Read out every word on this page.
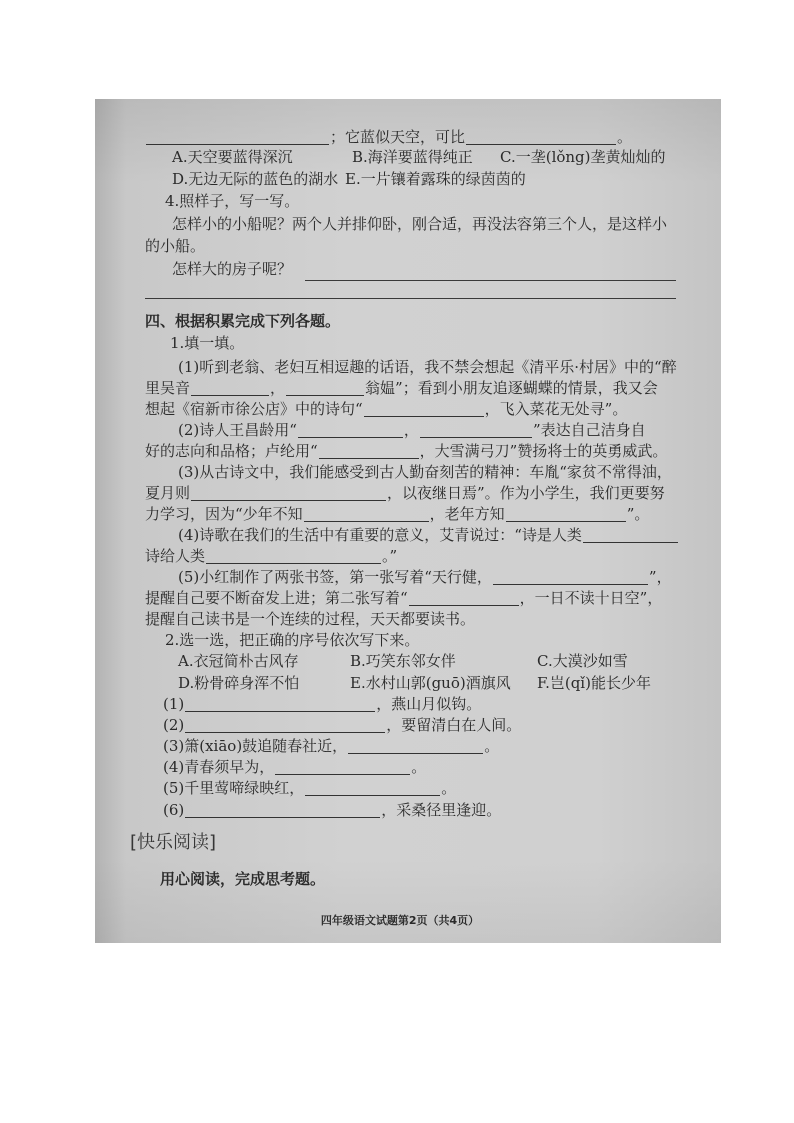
；它蓝似天空，可比	。
A.天空要蓝得深沉	B.海洋要蓝得纯正 C.一垄(lǒng)垄黄灿灿的
D.无边无际的蓝色的湖水 E.一片镶着露珠的绿茵茵的
4.照样子，写一写。
怎样小的小船呢？两个人并排仰卧，刚合适，再没法容第三个人，是这样小
的小船。
怎样大的房子呢？
四、根据积累完成下列各题。
1.填一填。
(1)听到老翁、老妇互相逗趣的话语，我不禁会想起《清平乐·村居》中的“醉
里吴音	，	翁媪”；看到小朋友追逐蝴蝶的情景，我又会
想起《宿新市徐公店》中的诗句“	，飞入菜花无处寻”。
(2)诗人王昌龄用“	，	”表达自己洁身自
好的志向和品格；卢纶用“	，大雪满弓刀”赞扬将士的英勇威武。
(3)从古诗文中，我们能感受到古人勤奋刻苦的精神：车胤“家贫不常得油，
夏月则	，以夜继日焉”。作为小学生，我们更要努
力学习，因为“少年不知	，老年方知	”。
(4)诗歌在我们的生活中有重要的意义，艾青说过：“诗是人类
诗给人类	。”
(5)小红制作了两张书签，第一张写着“天行健，	”，
提醒自己要不断奋发上进；第二张写着“	，一日不读十日空”，
提醒自己读书是一个连续的过程，天天都要读书。
2.选一选，把正确的序号依次写下来。
A.衣冠简朴古风存	B.巧笑东邻女伴	C.大漠沙如雪
D.粉骨碎身浑不怕	E.水村山郭(guō)酒旗风 F.岂(qǐ)能长少年
(1)	，燕山月似钩。
(2)	，要留清白在人间。
(3)箫(xiāo)鼓追随春社近，	。
(4)青春须早为，	。
(5)千里莺啼绿映红，	。
(6)	，采桑径里逢迎。
[快乐阅读]
用心阅读，完成思考题。
四年级语文试题第2页（共4页）
